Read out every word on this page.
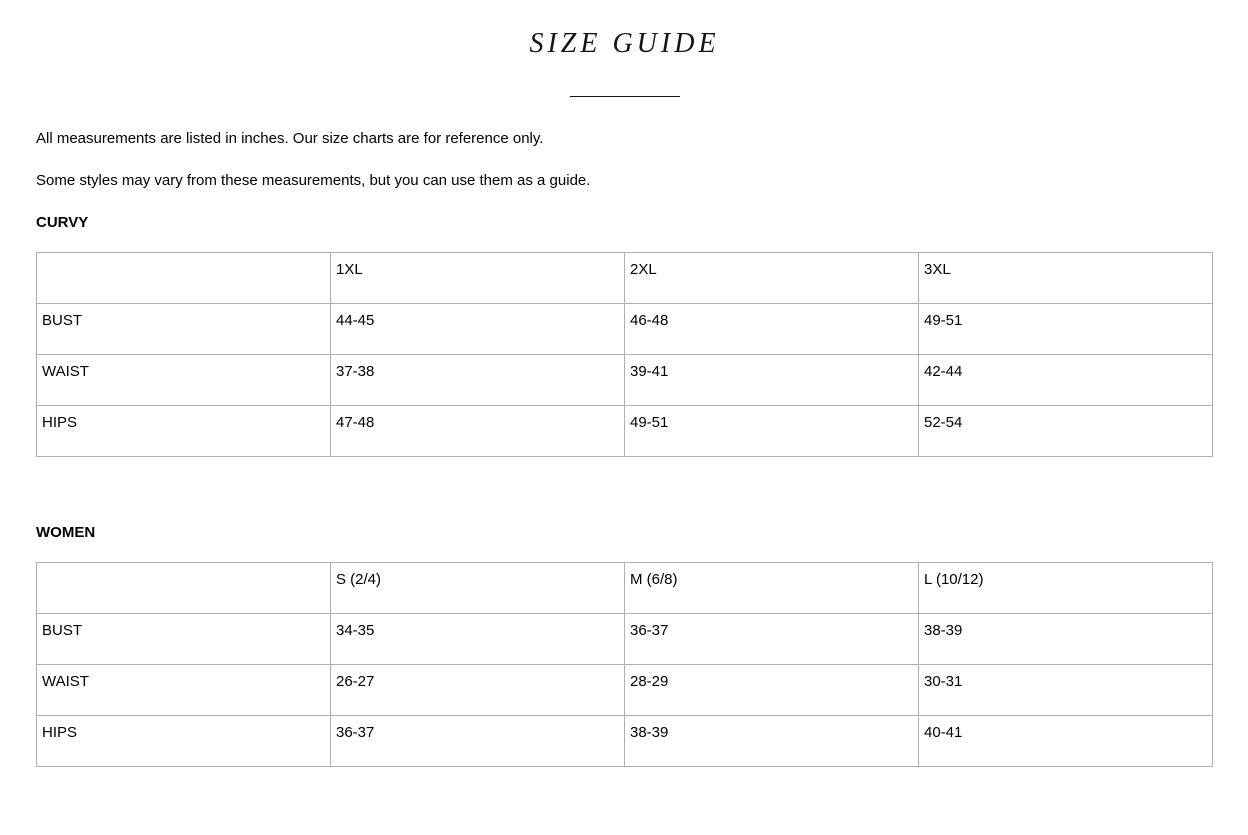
SIZE GUIDE

All measurements are listed in inches. Our size charts are for reference only.

Some styles may vary from these measurements, but you can use them as a guide.

CURVY
	1XL	2XL	3XL
BUST	44-45	46-48	49-51
WAIST	37-38	39-41	42-44
HIPS	47-48	49-51	52-54
WOMEN
	S (2/4)	M (6/8)	L (10/12)
BUST	34-35	36-37	38-39
WAIST	26-27	28-29	30-31
HIPS	36-37	38-39	40-41
